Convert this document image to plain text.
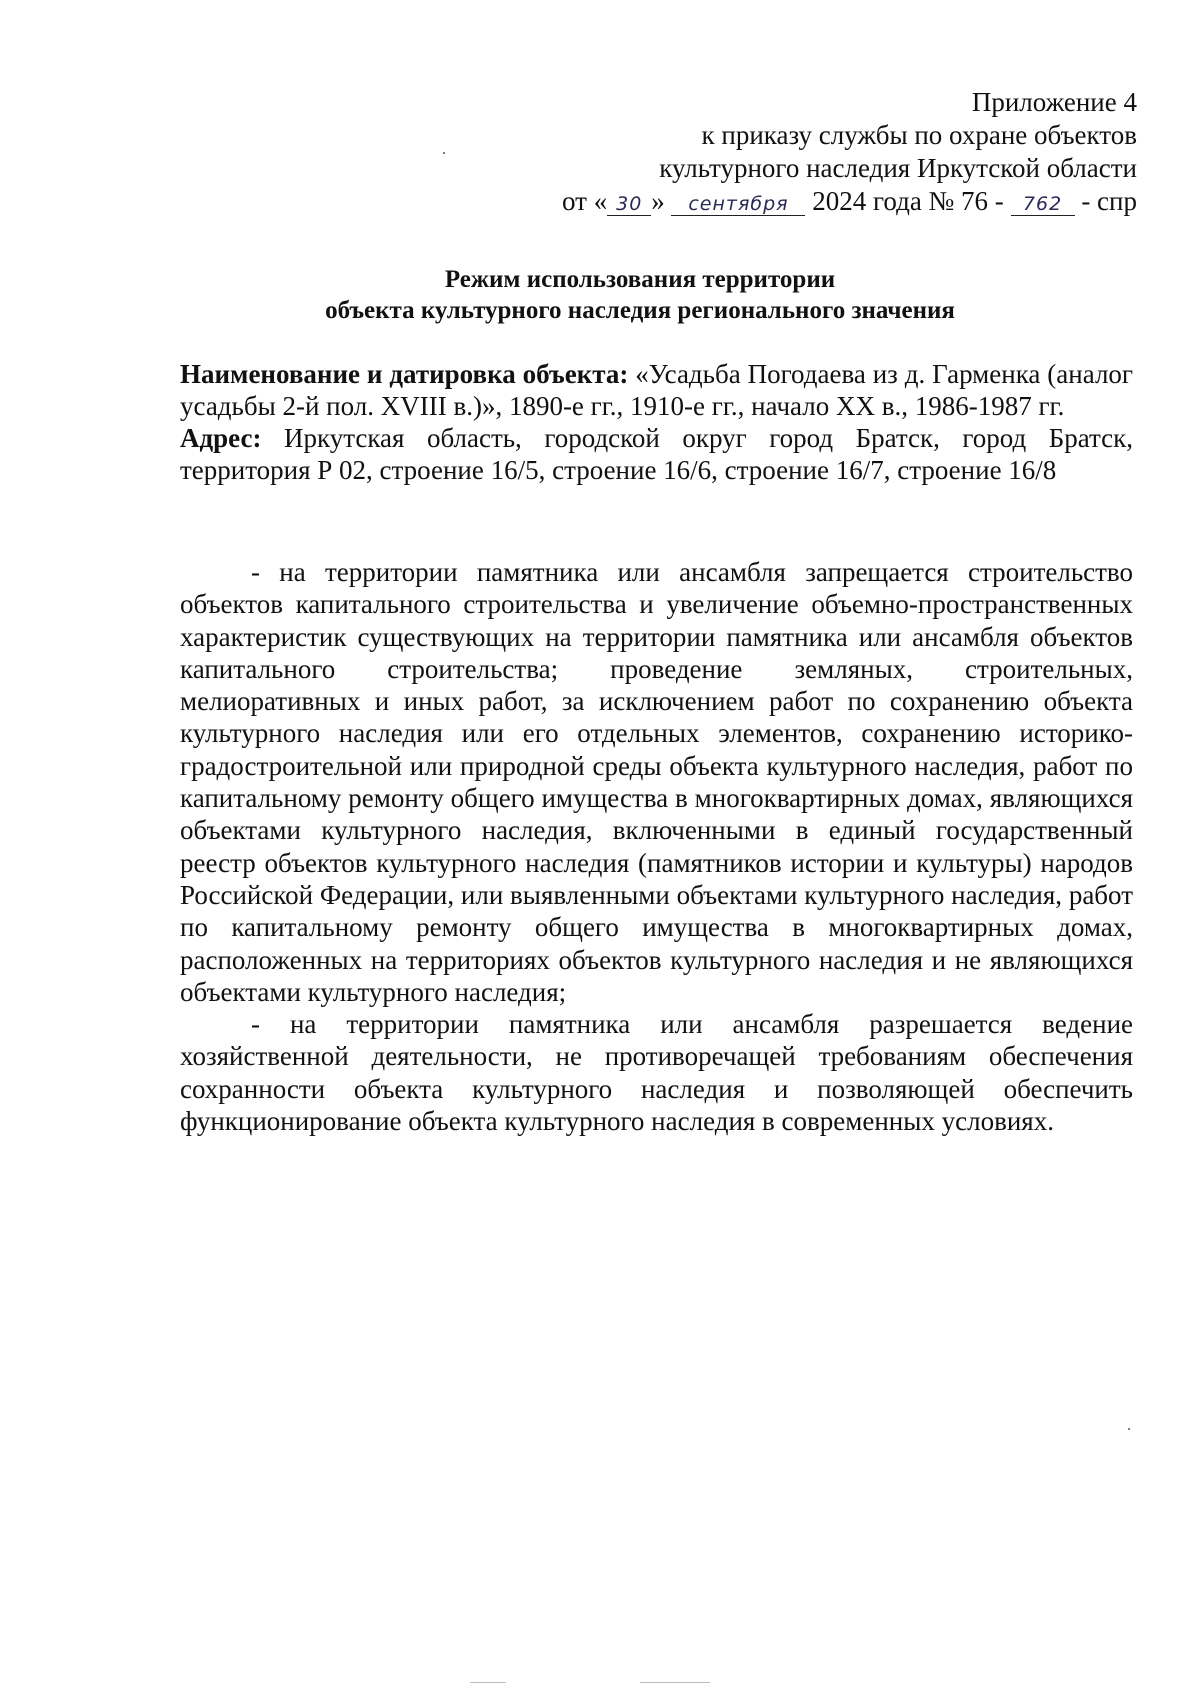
Приложение 4
к приказу службы по охране объектов
культурного наследия Иркутской области
от « 30 » сентября 2024 года № 76 - 762 - спр
Режим использования территории
объекта культурного наследия регионального значения
Наименование и датировка объекта: «Усадьба Погодаева из д. Гарменка (аналог усадьбы 2-й пол. XVIII в.)», 1890-е гг., 1910-е гг., начало XX в., 1986-1987 гг.
Адрес: Иркутская область, городской округ город Братск, город Братск, территория Р 02, строение 16/5, строение 16/6, строение 16/7, строение 16/8

- на территории памятника или ансамбля запрещается строительство объектов капитального строительства и увеличение объемно-пространственных характеристик существующих на территории памятника или ансамбля объектов капитального строительства; проведение земляных, строительных, мелиоративных и иных работ, за исключением работ по сохранению объекта культурного наследия или его отдельных элементов, сохранению историко-градостроительной или природной среды объекта культурного наследия, работ по капитальному ремонту общего имущества в многоквартирных домах, являющихся объектами культурного наследия, включенными в единый государственный реестр объектов культурного наследия (памятников истории и культуры) народов Российской Федерации, или выявленными объектами культурного наследия, работ по капитальному ремонту общего имущества в многоквартирных домах, расположенных на территориях объектов культурного наследия и не являющихся объектами культурного наследия;

- на территории памятника или ансамбля разрешается ведение хозяйственной деятельности, не противоречащей требованиям обеспечения сохранности объекта культурного наследия и позволяющей обеспечить функционирование объекта культурного наследия в современных условиях.
